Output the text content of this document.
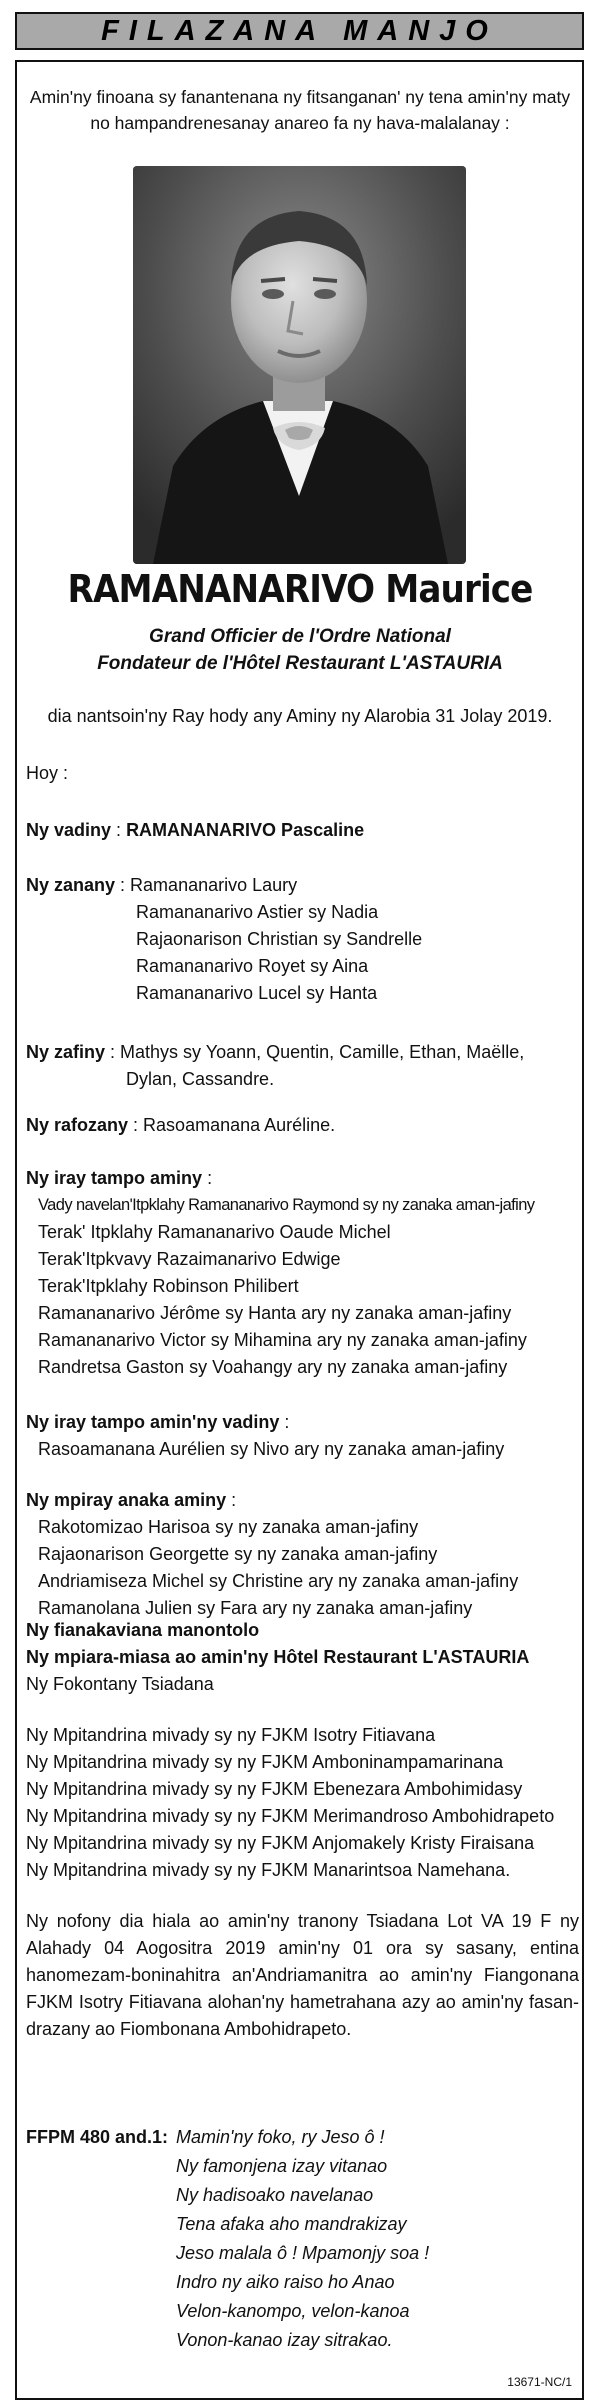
FILAZANA MANJO
Amin'ny finoana sy fanantenana ny fitsanganan' ny tena amin'ny maty no hampandrenesanay anareo fa ny hava-malalanay :
RAMANANARIVO Maurice
Grand Officier de l'Ordre National
Fondateur de l'Hôtel Restaurant L'ASTAURIA
dia nantsoin'ny Ray hody any Aminy ny Alarobia 31 Jolay 2019.
Hoy :
Ny vadiny : RAMANANARIVO Pascaline
Ny zanany : Ramananarivo Laury
Ramananarivo Astier sy Nadia
Rajaonarison Christian sy Sandrelle
Ramananarivo Royet sy Aina
Ramananarivo Lucel sy Hanta
Ny zafiny : Mathys sy Yoann, Quentin, Camille, Ethan, Maëlle,
Dylan, Cassandre.
Ny rafozany : Rasoamanana Auréline.
Ny iray tampo aminy :
Vady navelan'Itpklahy Ramananarivo Raymond sy ny zanaka aman-jafiny
Terak' Itpklahy Ramananarivo Oaude Michel
Terak'Itpkvavy Razaimanarivo Edwige
Terak'Itpklahy Robinson Philibert
Ramananarivo Jérôme sy Hanta ary ny zanaka aman-jafiny
Ramananarivo Victor sy Mihamina ary ny zanaka aman-jafiny
Randretsa Gaston sy Voahangy ary ny zanaka aman-jafiny
Ny iray tampo amin'ny vadiny :
Rasoamanana Aurélien sy Nivo ary ny zanaka aman-jafiny
Ny mpiray anaka aminy :
Rakotomizao Harisoa sy ny zanaka aman-jafiny
Rajaonarison Georgette sy ny zanaka aman-jafiny
Andriamiseza Michel sy Christine ary ny zanaka aman-jafiny
Ramanolana Julien sy Fara ary ny zanaka aman-jafiny
Ny fianakaviana manontolo
Ny mpiara-miasa ao amin'ny Hôtel Restaurant L'ASTAURIA
Ny Fokontany Tsiadana
Ny Mpitandrina mivady sy ny FJKM Isotry Fitiavana
Ny Mpitandrina mivady sy ny FJKM Amboninampamarinana
Ny Mpitandrina mivady sy ny FJKM Ebenezara Ambohimidasy
Ny Mpitandrina mivady sy ny FJKM Merimandroso Ambohidrapeto
Ny Mpitandrina mivady sy ny FJKM Anjomakely Kristy Firaisana
Ny Mpitandrina mivady sy ny FJKM Manarintsoa Namehana.
Ny nofony dia hiala ao amin'ny tranony Tsiadana Lot VA 19 F ny Alahady 04 Aogositra 2019 amin'ny 01 ora sy sasany, entina hanomezam-boninahitra an'Andriamanitra ao amin'ny Fiangonana FJKM Isotry Fitiavana alohan'ny hametrahana azy ao amin'ny fasan-drazany ao Fiombonana Ambohidrapeto.
FFPM 480 and.1: Mamin'ny foko, ry Jeso ô !
Ny famonjena izay vitanao
Ny hadisoako navelanao
Tena afaka aho mandrakizay
Jeso malala ô ! Mpamonjy soa !
Indro ny aiko raiso ho Anao
Velon-kanompo, velon-kanoa
Vonon-kanao izay sitrakao.
13671-NC/1
